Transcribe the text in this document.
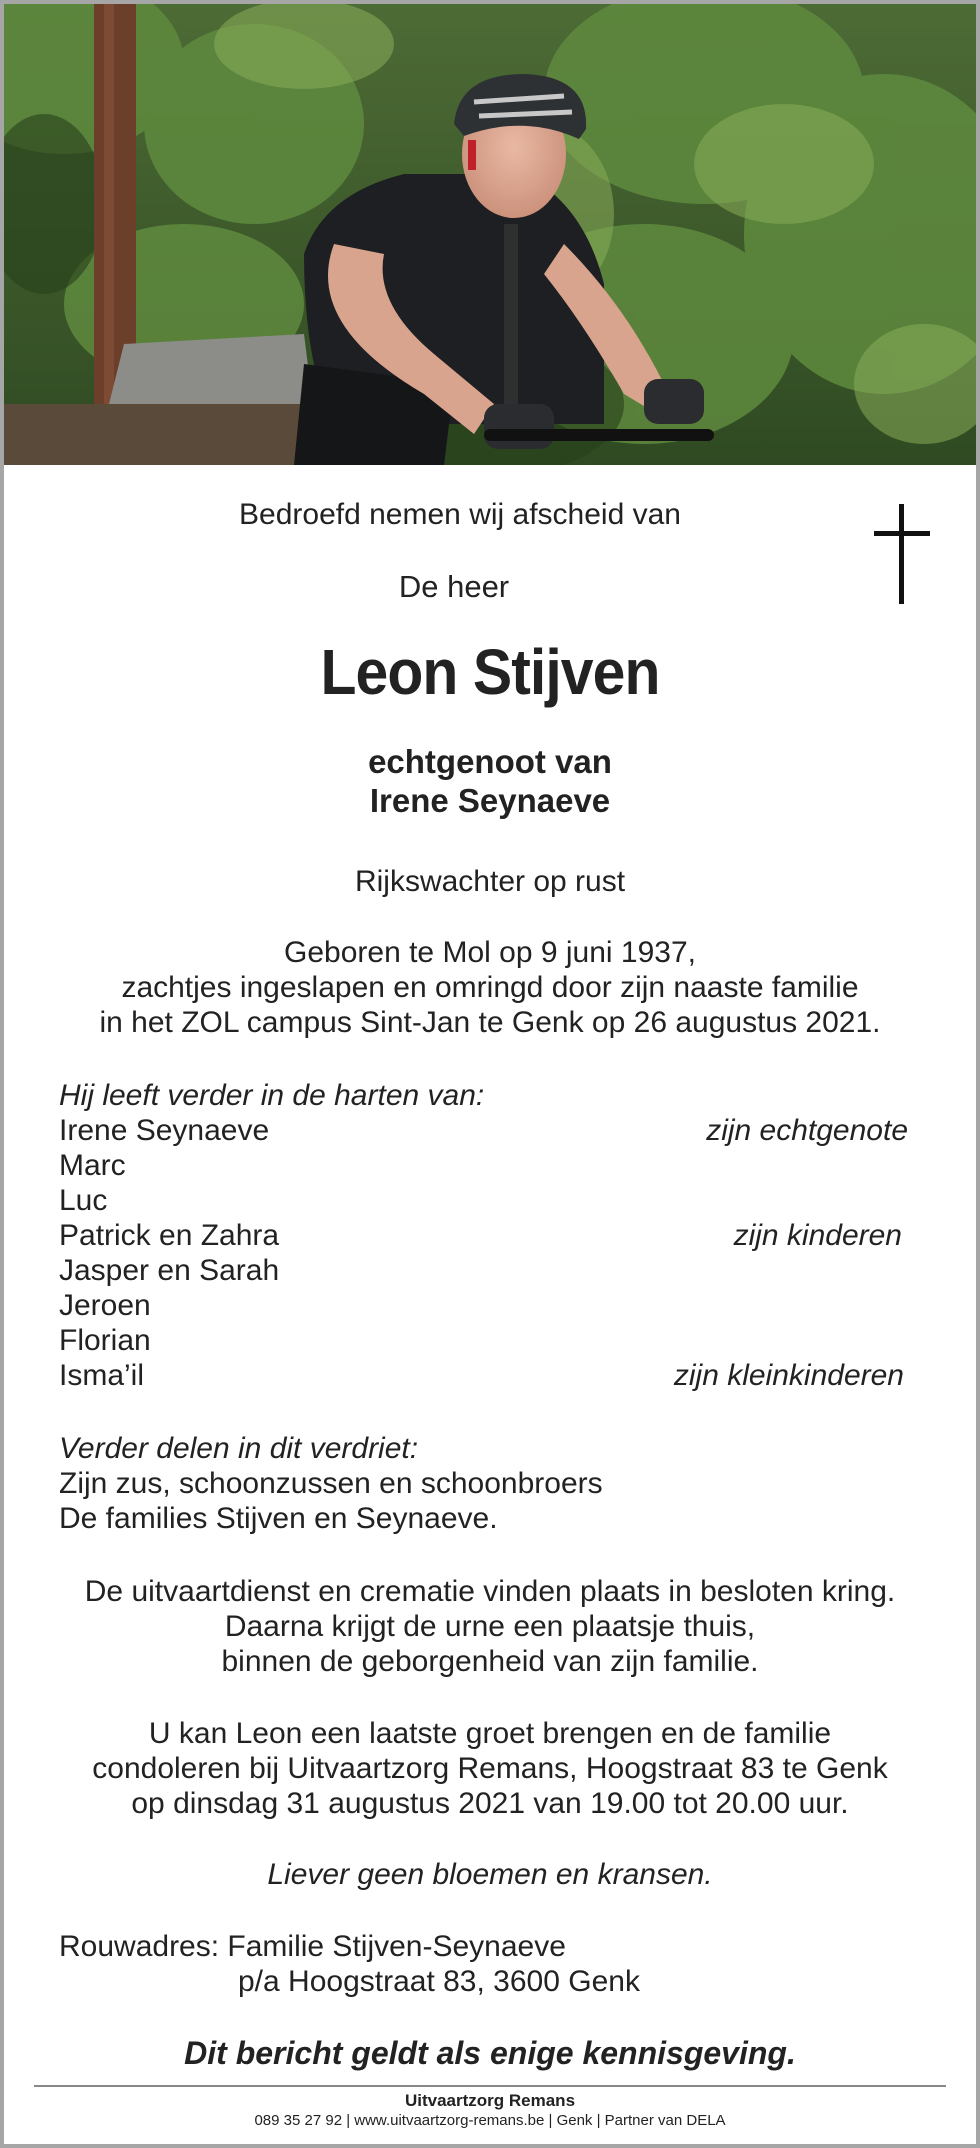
Bedroefd nemen wij afscheid van
De heer
Leon Stijven
echtgenoot van
Irene Seynaeve
Rijkswachter op rust
Geboren te Mol op 9 juni 1937,
zachtjes ingeslapen en omringd door zijn naaste familie
in het ZOL campus Sint-Jan te Genk op 26 augustus 2021.
Hij leeft verder in de harten van:
Irene Seynaeve	zijn echtgenote
Marc
Luc
Patrick en Zahra	zijn kinderen
Jasper en Sarah
Jeroen
Florian
Isma’il	zijn kleinkinderen
Verder delen in dit verdriet:
Zijn zus, schoonzussen en schoonbroers
De families Stijven en Seynaeve.
De uitvaartdienst en crematie vinden plaats in besloten kring.
Daarna krijgt de urne een plaatsje thuis,
binnen de geborgenheid van zijn familie.
U kan Leon een laatste groet brengen en de familie
condoleren bij Uitvaartzorg Remans, Hoogstraat 83 te Genk
op dinsdag 31 augustus 2021 van 19.00 tot 20.00 uur.
Liever geen bloemen en kransen.
Rouwadres: Familie Stijven-Seynaeve
p/a Hoogstraat 83, 3600 Genk
Dit bericht geldt als enige kennisgeving.
Uitvaartzorg Remans
089 35 27 92 | www.uitvaartzorg-remans.be | Genk | Partner van DELA
